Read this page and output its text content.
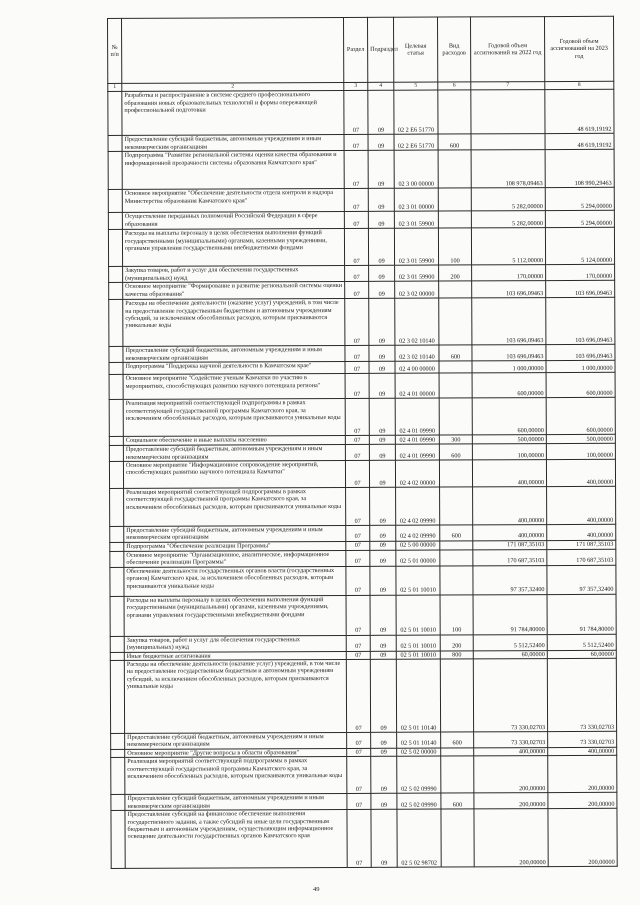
№ п/п		Раздел	Подраздел	Целевая статья	Вид расходов	Годовой объем ассигнований на 2022 год	Годовой объем ассигнований на 2023 год
1	2	3	4	5	6	7	8
	Разработка и распространение в системе среднего профессионального образования новых образовательных технологий и формы опережающей профессиональной подготовки	07	09	02 2 E6 51770			48 619,19192
	Предоставление субсидий бюджетным, автономным учреждениям и иным некоммерческим организациям	07	09	02 2 E6 51770	600		48 619,19192
	Подпрограмма "Развитие региональной системы оценки качества образования и информационной прозрачности системы образования Камчатского края"	07	09	02 3 00 00000		108 978,09463	108 990,29463
	Основное мероприятие "Обеспечение деятельности отдела контроля и надзора Министерства образования Камчатского края"	07	09	02 3 01 00000		5 282,00000	5 294,00000
	Осуществление переданных полномочий Российской Федерации в сфере образования	07	09	02 3 01 59900		5 282,00000	5 294,00000
	Расходы на выплаты персоналу в целях обеспечения выполнения функций государственными (муниципальными) органами, казенными учреждениями, органами управления государственными внебюджетными фондами	07	09	02 3 01 59900	100	5 112,00000	5 124,00000
	Закупка товаров, работ и услуг для обеспечения государственных (муниципальных) нужд	07	09	02 3 01 59900	200	170,00000	170,00000
	Основное мероприятие "Формирование и развитие региональной системы оценки качества образования"	07	09	02 3 02 00000		103 696,09463	103 696,09463
	Расходы на обеспечение деятельности (оказание услуг) учреждений, в том числе на предоставление государственным бюджетным и автономным учреждениям субсидий, за исключением обособленных расходов, которым присваиваются уникальные коды	07	09	02 3 02 10140		103 696,09463	103 696,09463
	Предоставление субсидий бюджетным, автономным учреждениям и иным некоммерческим организациям	07	09	02 3 02 10140	600	103 696,09463	103 696,09463
	Подпрограмма "Поддержка научной деятельности в Камчатском крае"	07	09	02 4 00 00000		1 000,00000	1 000,00000
	Основное мероприятие "Содействие ученым Камчатки по участию в мероприятиях, способствующих развитию научного потенциала региона"	07	09	02 4 01 00000		600,00000	600,00000
	Реализация мероприятий соответствующей подпрограммы в рамках соответствующей государственной программы Камчатского края, за исключением обособленных расходов, которым присваиваются уникальные коды	07	09	02 4 01 09990		600,00000	600,00000
	Социальное обеспечение и иные выплаты населению	07	09	02 4 01 09990	300	500,00000	500,00000
	Предоставление субсидий бюджетным, автономным учреждениям и иным некоммерческим организациям	07	09	02 4 01 09990	600	100,00000	100,00000
	Основное мероприятие "Информационное сопровождение мероприятий, способствующих развитию научного потенциала Камчатки"	07	09	02 4 02 00000		400,00000	400,00000
	Реализация мероприятий соответствующей подпрограммы в рамках соответствующей государственной программы Камчатского края, за исключением обособленных расходов, которым присваиваются уникальные коды	07	09	02 4 02 09990		400,00000	400,00000
	Предоставление субсидий бюджетным, автономным учреждениям и иным некоммерческим организациям	07	09	02 4 02 09990	600	400,00000	400,00000
	Подпрограмма "Обеспечение реализации Программы"	07	09	02 5 00 00000		171 087,35103	171 087,35103
	Основное мероприятие "Организационное, аналитическое, информационное обеспечение реализации Программы"	07	09	02 5 01 00000		170 687,35103	170 687,35103
	Обеспечение деятельности государственных органов власти (государственных органов) Камчатского края, за исключением обособленных расходов, которым присваиваются уникальные коды	07	09	02 5 01 10010		97 357,32400	97 357,32400
	Расходы на выплаты персоналу в целях обеспечения выполнения функций государственными (муниципальными) органами, казенными учреждениями, органами управления государственными внебюджетными фондами	07	09	02 5 01 10010	100	91 784,80000	91 784,80000
	Закупка товаров, работ и услуг для обеспечения государственных (муниципальных) нужд	07	09	02 5 01 10010	200	5 512,52400	5 512,52400
	Иные бюджетные ассигнования	07	09	02 5 01 10010	800	60,00000	60,00000
	Расходы на обеспечение деятельности (оказание услуг) учреждений, в том числе на предоставление государственным бюджетным и автономным учреждениям субсидий, за исключением обособленных расходов, которым присваиваются уникальные коды	07	09	02 5 01 10140		73 330,02703	73 330,02703
	Предоставление субсидий бюджетным, автономным учреждениям и иным некоммерческим организациям	07	09	02 5 01 10140	600	73 330,02703	73 330,02703
	Основное мероприятие "Другие вопросы в области образования"	07	09	02 5 02 00000		400,00000	400,00000
	Реализация мероприятий соответствующей подпрограммы в рамках соответствующей государственной программы Камчатского края, за исключением обособленных расходов, которым присваиваются уникальные коды	07	09	02 5 02 09990		200,00000	200,00000
	Предоставление субсидий бюджетным, автономным учреждениям и иным некоммерческим организациям	07	09	02 5 02 09990	600	200,00000	200,00000
	Предоставление субсидий на финансовое обеспечение выполнения государственного задания, а также субсидий на иные цели государственным бюджетным и автономным учреждениям, осуществляющим информационное освещение деятельности государственных органов Камчатского края	07	09	02 5 02 98702		200,00000	200,00000
49
